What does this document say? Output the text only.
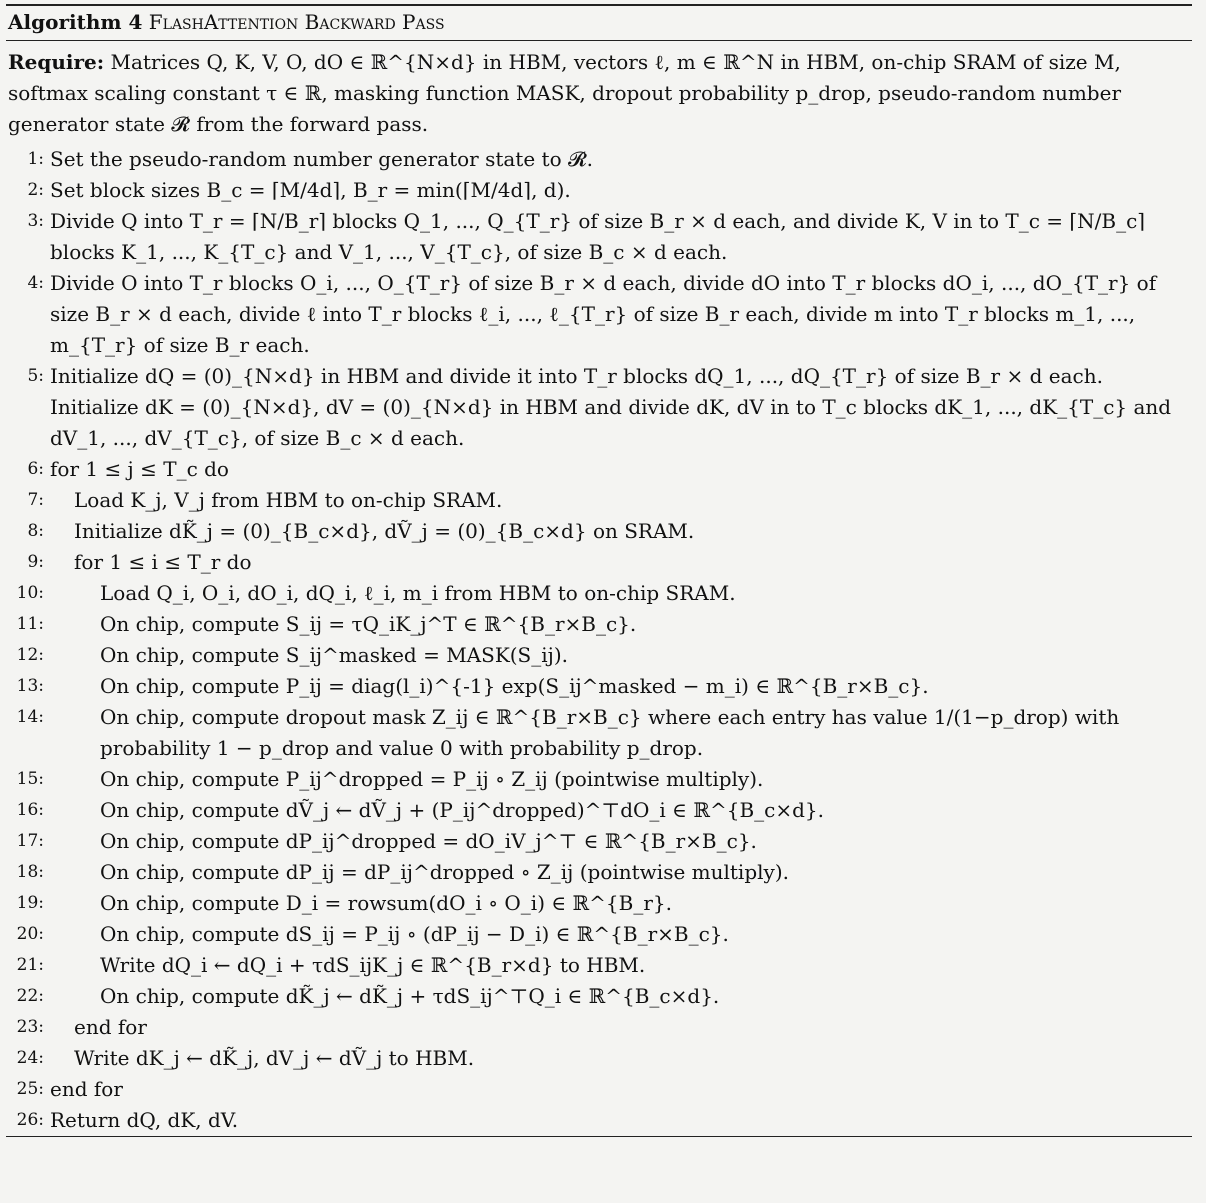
Algorithm 4 FlashAttention Backward Pass
Require: Matrices Q, K, V, O, dO ∈ ℝ^{N×d} in HBM, vectors ℓ, m ∈ ℝ^N in HBM, on-chip SRAM of size M, softmax scaling constant τ ∈ ℝ, masking function MASK, dropout probability p_drop, pseudo-random number generator state 𝓡 from the forward pass.
1: Set the pseudo-random number generator state to 𝓡.
2: Set block sizes B_c = ⌈M/4d⌉, B_r = min(⌈M/4d⌉, d).
3: Divide Q into T_r = ⌈N/B_r⌉ blocks Q_1, ..., Q_{T_r} of size B_r × d each, and divide K, V in to T_c = ⌈N/B_c⌉ blocks K_1, ..., K_{T_c} and V_1, ..., V_{T_c}, of size B_c × d each.
4: Divide O into T_r blocks O_i, ..., O_{T_r} of size B_r × d each, divide dO into T_r blocks dO_i, ..., dO_{T_r} of size B_r × d each, divide ℓ into T_r blocks ℓ_i, ..., ℓ_{T_r} of size B_r each, divide m into T_r blocks m_1, ..., m_{T_r} of size B_r each.
5: Initialize dQ = (0)_{N×d} in HBM and divide it into T_r blocks dQ_1, ..., dQ_{T_r} of size B_r × d each. Initialize dK = (0)_{N×d}, dV = (0)_{N×d} in HBM and divide dK, dV in to T_c blocks dK_1, ..., dK_{T_c} and dV_1, ..., dV_{T_c}, of size B_c × d each.
6: for 1 ≤ j ≤ T_c do
7:	Load K_j, V_j from HBM to on-chip SRAM.
8:	Initialize dK̃_j = (0)_{B_c×d}, dṼ_j = (0)_{B_c×d} on SRAM.
9:	for 1 ≤ i ≤ T_r do
10:	Load Q_i, O_i, dO_i, dQ_i, ℓ_i, m_i from HBM to on-chip SRAM.
11:	On chip, compute S_ij = τQ_iK_j^T ∈ ℝ^{B_r×B_c}.
12:	On chip, compute S_ij^masked = MASK(S_ij).
13:	On chip, compute P_ij = diag(l_i)^{-1} exp(S_ij^masked − m_i) ∈ ℝ^{B_r×B_c}.
14:	On chip, compute dropout mask Z_ij ∈ ℝ^{B_r×B_c} where each entry has value 1/(1−p_drop) with probability 1 − p_drop and value 0 with probability p_drop.
15:	On chip, compute P_ij^dropped = P_ij ∘ Z_ij (pointwise multiply).
16:	On chip, compute dṼ_j ← dṼ_j + (P_ij^dropped)^⊤dO_i ∈ ℝ^{B_c×d}.
17:	On chip, compute dP_ij^dropped = dO_iV_j^⊤ ∈ ℝ^{B_r×B_c}.
18:	On chip, compute dP_ij = dP_ij^dropped ∘ Z_ij (pointwise multiply).
19:	On chip, compute D_i = rowsum(dO_i ∘ O_i) ∈ ℝ^{B_r}.
20:	On chip, compute dS_ij = P_ij ∘ (dP_ij − D_i) ∈ ℝ^{B_r×B_c}.
21:	Write dQ_i ← dQ_i + τdS_ijK_j ∈ ℝ^{B_r×d} to HBM.
22:	On chip, compute dK̃_j ← dK̃_j + τdS_ij^⊤Q_i ∈ ℝ^{B_c×d}.
23:	end for
24:	Write dK_j ← dK̃_j, dV_j ← dṼ_j to HBM.
25: end for
26: Return dQ, dK, dV.
